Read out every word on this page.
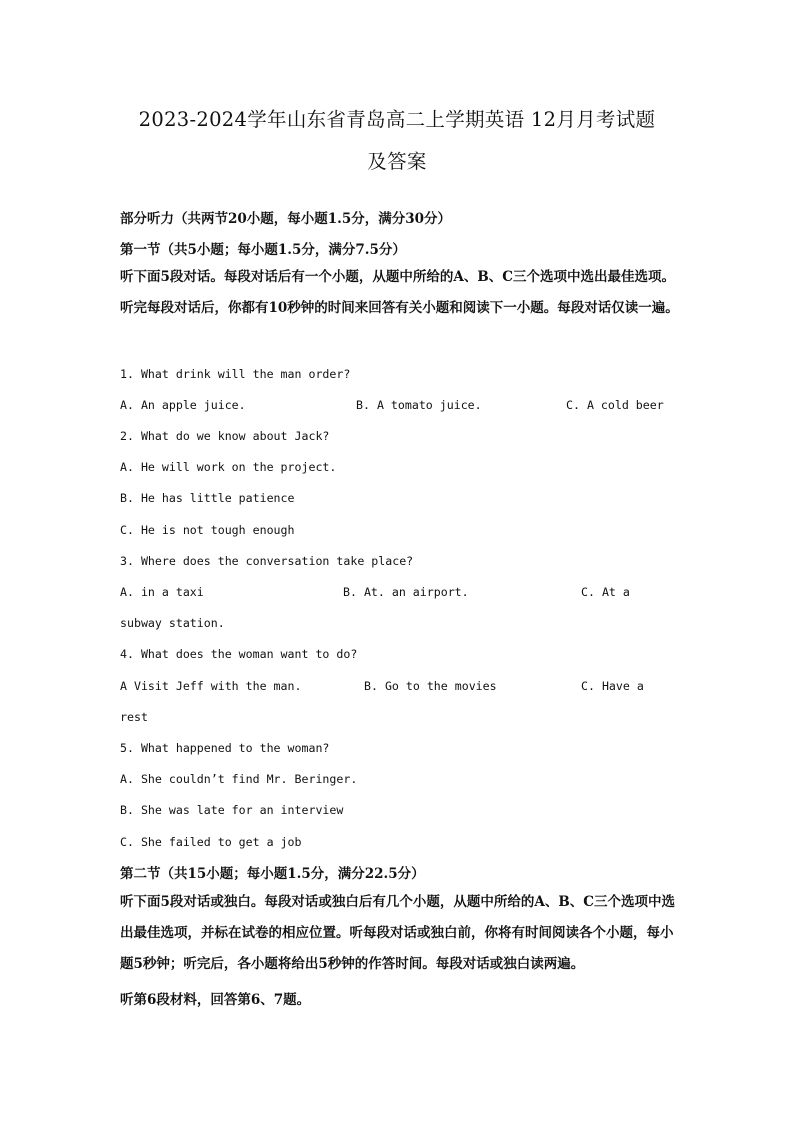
2023-2024学年山东省青岛高二上学期英语 12月月考试题
及答案
部分听力（共两节20小题，每小题1.5分，满分30分）
第一节（共5小题；每小题1.5分，满分7.5分）
听下面5段对话。每段对话后有一个小题，从题中所给的A、B、C三个选项中选出最佳选项。听完每段对话后，你都有10秒钟的时间来回答有关小题和阅读下一小题。每段对话仅读一遍。
1. What drink will the man order?
A. An apple juice.	B. A tomato juice.	C. A cold beer
2. What do we know about Jack?
A. He will work on the project.
B. He has little patience
C. He is not tough enough
3. Where does the conversation take place?
A. in a taxi	B. At. an airport.	C. At a
subway station.
4. What does the woman want to do?
A Visit Jeff with the man.	B. Go to the movies	C. Have a
rest
5. What happened to the woman?
A. She couldn’t find Mr. Beringer.
B. She was late for an interview
C. She failed to get a job
第二节（共15小题；每小题1.5分，满分22.5分）
听下面5段对话或独白。每段对话或独白后有几个小题，从题中所给的A、B、C三个选项中选出最佳选项，并标在试卷的相应位置。听每段对话或独白前，你将有时间阅读各个小题，每小题5秒钟；听完后，各小题将给出5秒钟的作答时间。每段对话或独白读两遍。
听第6段材料，回答第6、7题。
